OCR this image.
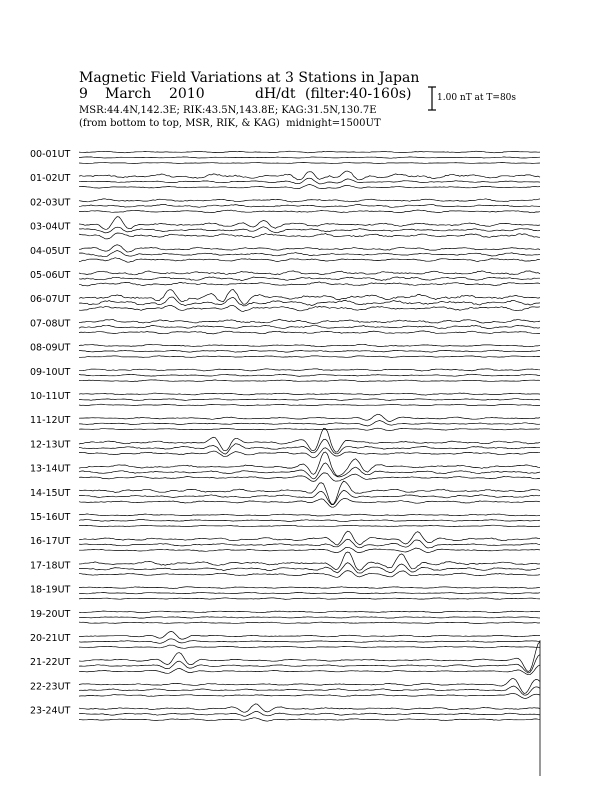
Magnetic Field Variations at 3 Stations in Japan
9 March 2010	dH/dt (filter:40-160s)
MSR:44.4N,142.3E; RIK:43.5N,143.8E; KAG:31.5N,130.7E
(from bottom to top, MSR, RIK, & KAG) midnight=1500UT
1.00 nT at T=80s
00-01UT
01-02UT
02-03UT
03-04UT
04-05UT
05-06UT
06-07UT
07-08UT
08-09UT
09-10UT
10-11UT
11-12UT
12-13UT
13-14UT
14-15UT
15-16UT
16-17UT
17-18UT
18-19UT
19-20UT
20-21UT
21-22UT
22-23UT
23-24UT
